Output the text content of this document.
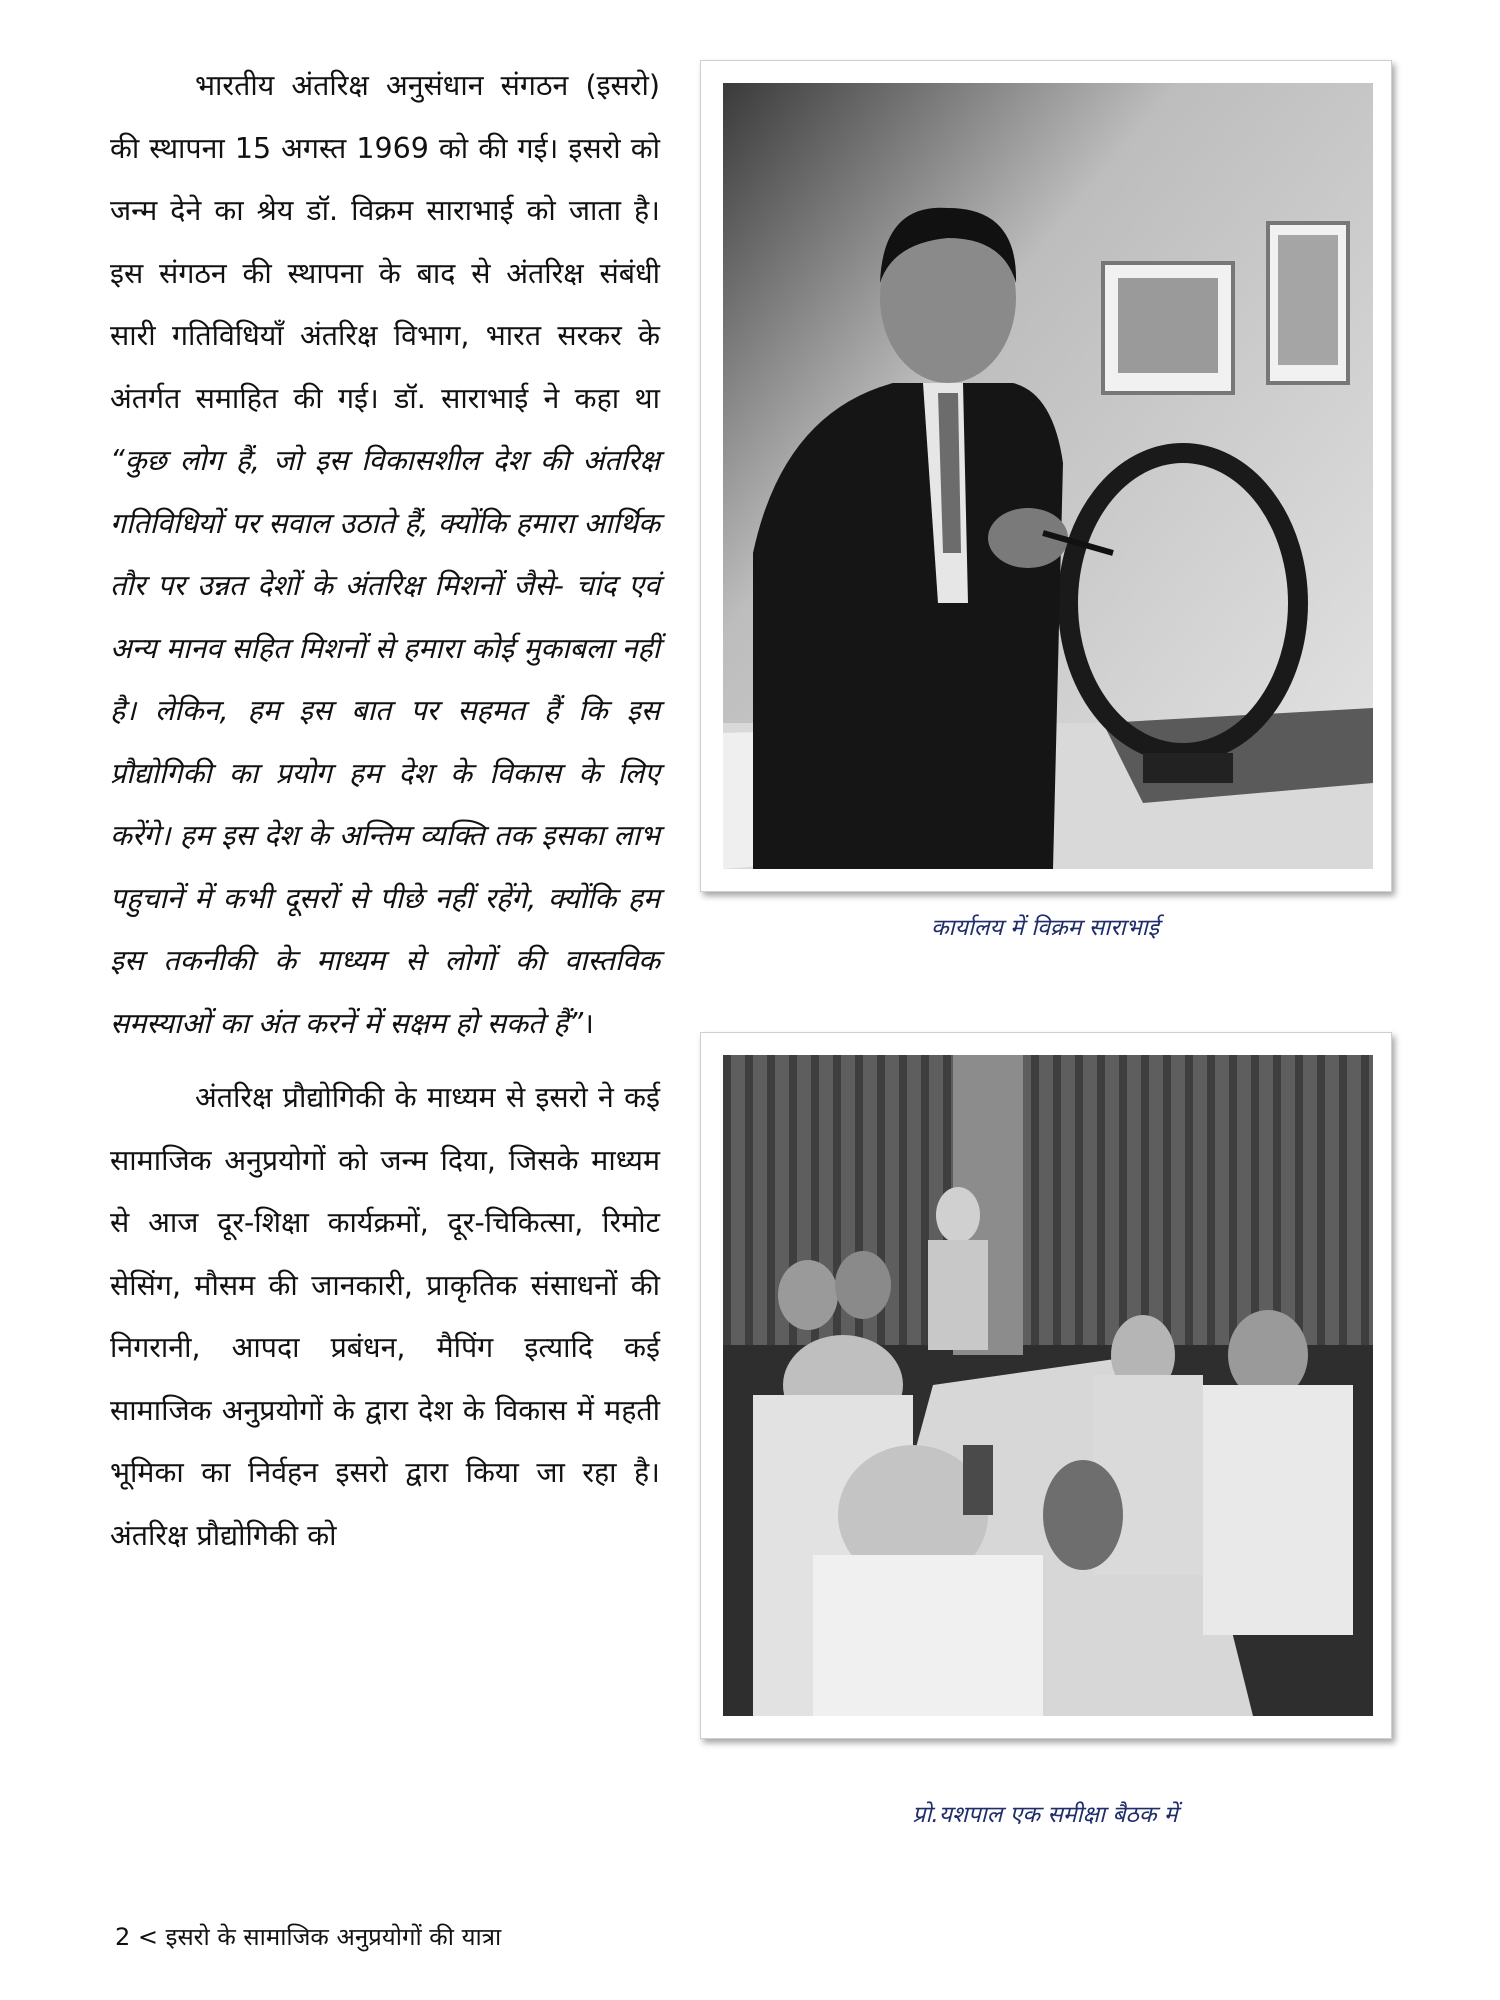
भारतीय अंतरिक्ष अनुसंधान संगठन (इसरो) की स्थापना 15 अगस्त 1969 को की गई। इसरो को जन्म देने का श्रेय डॉ. विक्रम साराभाई को जाता है। इस संगठन की स्थापना के बाद से अंतरिक्ष संबंधी सारी गतिविधियाँ अंतरिक्ष विभाग, भारत सरकर के अंतर्गत समाहित की गई। डॉ. साराभाई ने कहा था “कुछ लोग हैं, जो इस विकासशील देश की अंतरिक्ष गतिविधियों पर सवाल उठाते हैं, क्योंकि हमारा आर्थिक तौर पर उन्नत देशों के अंतरिक्ष मिशनों जैसे- चांद एवं अन्य मानव सहित मिशनों से हमारा कोई मुकाबला नहीं है। लेकिन, हम इस बात पर सहमत हैं कि इस प्रौद्योगिकी का प्रयोग हम देश के विकास के लिए करेंगे। हम इस देश के अन्तिम व्यक्ति तक इसका लाभ पहुचानें में कभी दूसरों से पीछे नहीं रहेंगे, क्योंकि हम इस तकनीकी के माध्यम से लोगों की वास्तविक समस्याओं का अंत करनें में सक्षम हो सकते हैं”।

अंतरिक्ष प्रौद्योगिकी के माध्यम से इसरो ने कई सामाजिक अनुप्रयोगों को जन्म दिया, जिसके माध्यम से आज दूर-शिक्षा कार्यक्रमों, दूर-चिकित्सा, रिमोट सेसिंग, मौसम की जानकारी, प्राकृतिक संसाधनों की निगरानी, आपदा प्रबंधन, मैपिंग इत्यादि कई सामाजिक अनुप्रयोगों के द्वारा देश के विकास में महती भूमिका का निर्वहन इसरो द्वारा किया जा रहा है। अंतरिक्ष प्रौद्योगिकी को

कार्यालय में विक्रम साराभाई
प्रो.यशपाल एक समीक्षा बैठक में
2 < इसरो के सामाजिक अनुप्रयोगों की यात्रा
